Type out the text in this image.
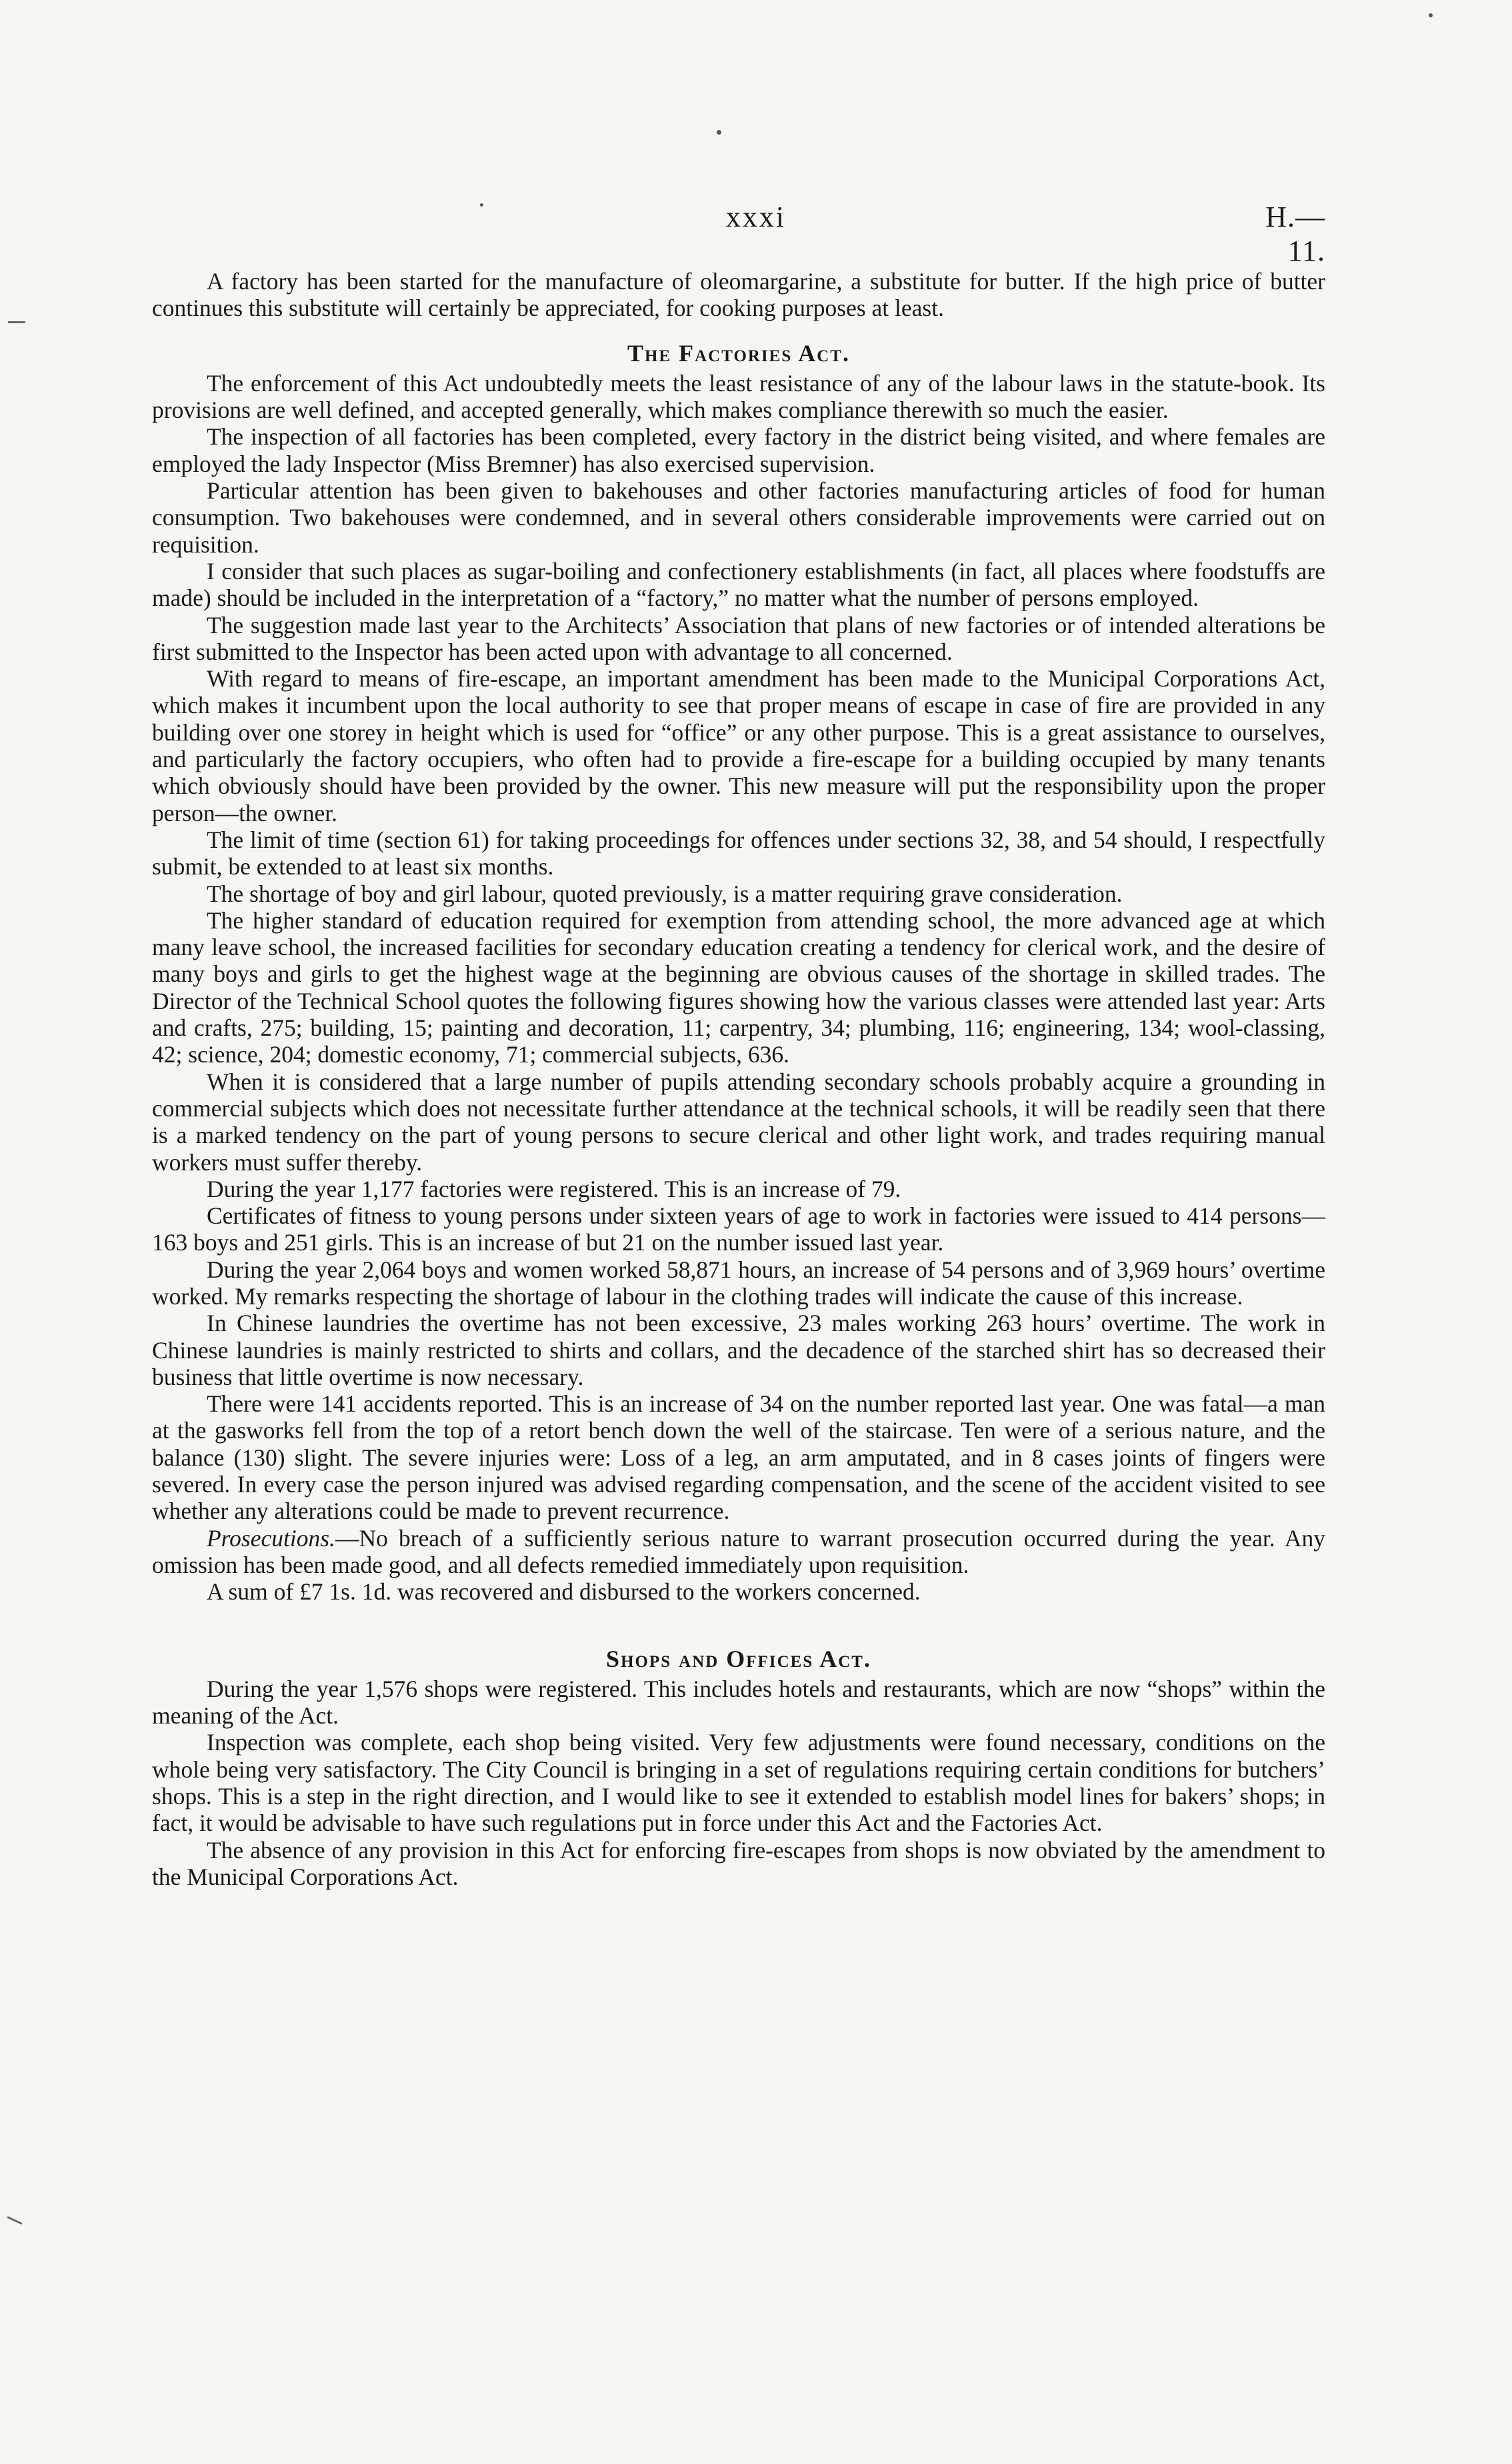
xxxi	H.—11.

A factory has been started for the manufacture of oleomargarine, a substitute for butter. If the high price of butter continues this substitute will certainly be appreciated, for cooking purposes at least.

The Factories Act.

The enforcement of this Act undoubtedly meets the least resistance of any of the labour laws in the statute-book. Its provisions are well defined, and accepted generally, which makes compliance therewith so much the easier.

The inspection of all factories has been completed, every factory in the district being visited, and where females are employed the lady Inspector (Miss Bremner) has also exercised supervision.

Particular attention has been given to bakehouses and other factories manufacturing articles of food for human consumption. Two bakehouses were condemned, and in several others considerable improvements were carried out on requisition.

I consider that such places as sugar-boiling and confectionery establishments (in fact, all places where foodstuffs are made) should be included in the interpretation of a “factory,” no matter what the number of persons employed.

The suggestion made last year to the Architects’ Association that plans of new factories or of intended alterations be first submitted to the Inspector has been acted upon with advantage to all concerned.

With regard to means of fire-escape, an important amendment has been made to the Municipal Corporations Act, which makes it incumbent upon the local authority to see that proper means of escape in case of fire are provided in any building over one storey in height which is used for “office” or any other purpose. This is a great assistance to ourselves, and particularly the factory occupiers, who often had to provide a fire-escape for a building occupied by many tenants which obviously should have been provided by the owner. This new measure will put the responsibility upon the proper person—the owner.

The limit of time (section 61) for taking proceedings for offences under sections 32, 38, and 54 should, I respectfully submit, be extended to at least six months.

The shortage of boy and girl labour, quoted previously, is a matter requiring grave consideration.

The higher standard of education required for exemption from attending school, the more advanced age at which many leave school, the increased facilities for secondary education creating a tendency for clerical work, and the desire of many boys and girls to get the highest wage at the beginning are obvious causes of the shortage in skilled trades. The Director of the Technical School quotes the following figures showing how the various classes were attended last year: Arts and crafts, 275; building, 15; painting and decoration, 11; carpentry, 34; plumbing, 116; engineering, 134; wool-classing, 42; science, 204; domestic economy, 71; commercial subjects, 636.

When it is considered that a large number of pupils attending secondary schools probably acquire a grounding in commercial subjects which does not necessitate further attendance at the technical schools, it will be readily seen that there is a marked tendency on the part of young persons to secure clerical and other light work, and trades requiring manual workers must suffer thereby.

During the year 1,177 factories were registered. This is an increase of 79.

Certificates of fitness to young persons under sixteen years of age to work in factories were issued to 414 persons—163 boys and 251 girls. This is an increase of but 21 on the number issued last year.

During the year 2,064 boys and women worked 58,871 hours, an increase of 54 persons and of 3,969 hours’ overtime worked. My remarks respecting the shortage of labour in the clothing trades will indicate the cause of this increase.

In Chinese laundries the overtime has not been excessive, 23 males working 263 hours’ overtime. The work in Chinese laundries is mainly restricted to shirts and collars, and the decadence of the starched shirt has so decreased their business that little overtime is now necessary.

There were 141 accidents reported. This is an increase of 34 on the number reported last year. One was fatal—a man at the gasworks fell from the top of a retort bench down the well of the staircase. Ten were of a serious nature, and the balance (130) slight. The severe injuries were: Loss of a leg, an arm amputated, and in 8 cases joints of fingers were severed. In every case the person injured was advised regarding compensation, and the scene of the accident visited to see whether any alterations could be made to prevent recurrence.

Prosecutions.—No breach of a sufficiently serious nature to warrant prosecution occurred during the year. Any omission has been made good, and all defects remedied immediately upon requisition.

A sum of £7 1s. 1d. was recovered and disbursed to the workers concerned.

Shops and Offices Act.

During the year 1,576 shops were registered. This includes hotels and restaurants, which are now “shops” within the meaning of the Act.

Inspection was complete, each shop being visited. Very few adjustments were found necessary, conditions on the whole being very satisfactory. The City Council is bringing in a set of regulations requiring certain conditions for butchers’ shops. This is a step in the right direction, and I would like to see it extended to establish model lines for bakers’ shops; in fact, it would be advisable to have such regulations put in force under this Act and the Factories Act.

The absence of any provision in this Act for enforcing fire-escapes from shops is now obviated by the amendment to the Municipal Corporations Act.
